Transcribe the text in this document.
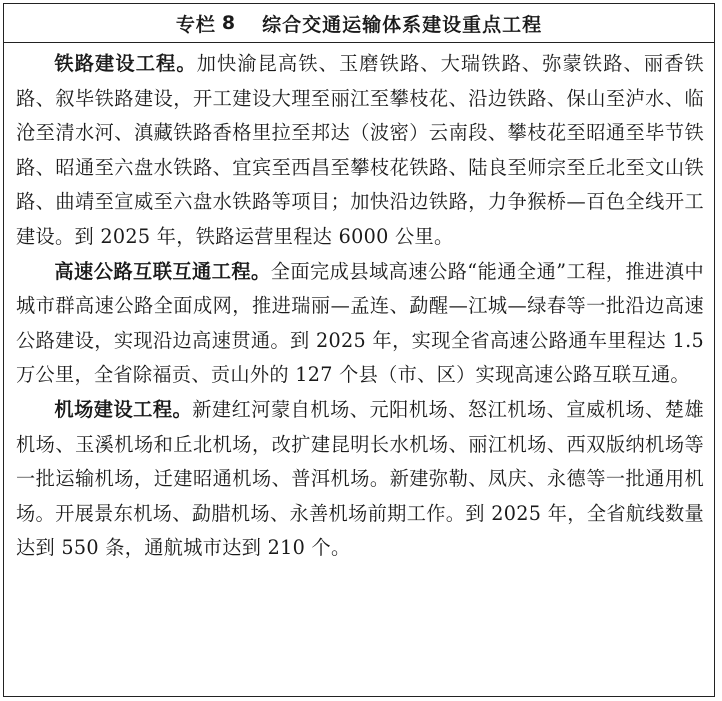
专栏 8 综合交通运输体系建设重点工程

铁路建设工程。加快渝昆高铁、玉磨铁路、大瑞铁路、弥蒙铁路、丽香铁路、叙毕铁路建设，开工建设大理至丽江至攀枝花、沿边铁路、保山至泸水、临沧至清水河、滇藏铁路香格里拉至邦达（波密）云南段、攀枝花至昭通至毕节铁路、昭通至六盘水铁路、宜宾至西昌至攀枝花铁路、陆良至师宗至丘北至文山铁路、曲靖至宣威至六盘水铁路等项目；加快沿边铁路，力争猴桥—百色全线开工建设。到 2025 年，铁路运营里程达 6000 公里。

高速公路互联互通工程。全面完成县域高速公路“能通全通”工程，推进滇中城市群高速公路全面成网，推进瑞丽—孟连、勐醒—江城—绿春等一批沿边高速公路建设，实现沿边高速贯通。到 2025 年，实现全省高速公路通车里程达 1.5 万公里，全省除福贡、贡山外的 127 个县（市、区）实现高速公路互联互通。

机场建设工程。新建红河蒙自机场、元阳机场、怒江机场、宣威机场、楚雄机场、玉溪机场和丘北机场，改扩建昆明长水机场、丽江机场、西双版纳机场等一批运输机场，迁建昭通机场、普洱机场。新建弥勒、凤庆、永德等一批通用机场。开展景东机场、勐腊机场、永善机场前期工作。到 2025 年，全省航线数量达到 550 条，通航城市达到 210 个。
